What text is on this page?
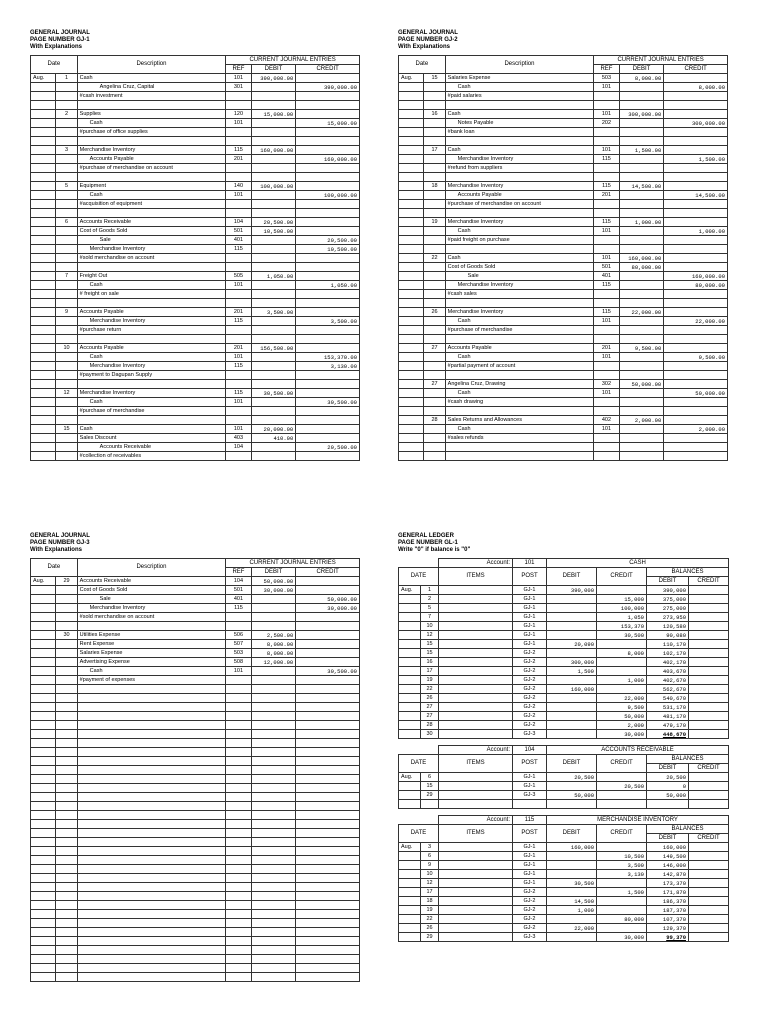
GENERAL JOURNAL
PAGE NUMBER GJ-1
With Explanations
Date		Description	CURRENT JOURNAL ENTRIES		
			REF	DEBIT	CREDIT
Aug.	1	Cash	101	390,000.00	
		Angelina Cruz, Capital	301		390,000.00
		#cash investment			

	2	Supplies	120	15,000.00	
		Cash	101		15,000.00
		#purchase of office supplies			

	3	Merchandise Inventory	115	160,000.00	
		Accounts Payable	201		160,000.00
		#purchase of merchandise on account			

	5	Equipment	140	100,000.00	
		Cash	101		100,000.00
		#acquisition of equipment			

	6	Accounts Receivable	104	20,500.00	
		Cost of Goods Sold	501	10,500.00	
		Sale	401		20,500.00
		Merchandise Inventory	115		10,500.00
		#sold merchandise on account			

	7	Freight Out	505	1,050.00	
		Cash	101		1,050.00
		# freight on sale			

	9	Accounts Payable	201	3,500.00	
		Merchandise Inventory	115		3,500.00
		#purchase return			

	10	Accounts Payable	201	156,500.00	
		Cash	101		153,370.00
		Merchandise Inventory	115		3,130.00
		#payment to Dagupan Supply			

	12	Merchandise Inventory	115	30,500.00	
		Cash	101		30,500.00
		#purchase of merchandise			

	15	Cash	101	20,090.00	
		Sales Discount	403	410.00	
		Accounts Receivable	104		20,500.00
		#collection of receivables			
GENERAL JOURNAL
PAGE NUMBER GJ-2
With Explanations
Date		Description	CURRENT JOURNAL ENTRIES		
			REF	DEBIT	CREDIT
Aug.	15	Salaries Expense	503	8,000.00	
		Cash	101		8,000.00
		#paid salaries			

	16	Cash	101	300,000.00	
		Notes Payable	202		300,000.00
		#bank loan			

	17	Cash	101	1,500.00	
		Merchandise Inventory	115		1,500.00
		#refund from suppliers			

	18	Merchandise Inventory	115	14,500.00	
		Accounts Payable	201		14,500.00
		#purchase of merchandise on account			

	19	Merchandise Inventory	115	1,000.00	
		Cash	101		1,000.00
		#paid freight on purchase			

	22	Cash	101	160,000.00	
		Cost of Goods Sold	501	80,000.00	
		Sale	401		160,000.00
		Merchandise Inventory	115		80,000.00
		#cash sales			

	26	Merchandise Inventory	115	22,000.00	
		Cash	101		22,000.00
		#purchase of merchandise			

	27	Accounts Payable	201	9,500.00	
		Cash	101		9,500.00
		#partial payment of account			

	27	Angelina Cruz, Drawing	302	50,000.00	
		Cash	101		50,000.00
		#cash drawing			

	28	Sales Returns and Allowances	402	2,000.00	
		Cash	101		2,000.00
		#sales refunds			

GENERAL JOURNAL
PAGE NUMBER GJ-3
With Explanations
Date		Description	CURRENT JOURNAL ENTRIES		
			REF	DEBIT	CREDIT
Aug.	29	Accounts Receivable	104	50,000.00	
		Cost of Goods Sold	501	30,000.00	
		Sale	401		50,000.00
		Merchandise Inventory	115		30,000.00
		#sold merchandise on account			

	30	Utilities Expense	506	2,500.00	
		Rent Expense	507	8,000.00	
		Salaries Expense	503	8,000.00	
		Advertising Expense	508	12,000.00	
		Cash	101		30,500.00
		#payment of expenses			

GENERAL LEDGER
PAGE NUMBER GL-1
Write "0" if balance is "0"
		Account:	101	CASH			
DATE		ITEMS	POST	DEBIT	CREDIT	BALANCES	
						DEBIT	CREDIT
Aug.	1		GJ-1	390,000		390,000	
	2		GJ-1		15,000	375,000	
	5		GJ-1		100,000	275,000	
	7		GJ-1		1,050	273,950	
	10		GJ-1		153,370	120,580	
	12		GJ-1		30,500	90,080	
	15		GJ-1	20,090		110,170	
	15		GJ-2		8,000	102,170	
	16		GJ-2	300,000		402,170	
	17		GJ-2	1,500		403,670	
	19		GJ-2		1,000	402,670	
	22		GJ-2	160,000		562,670	
	26		GJ-2		22,000	540,670	
	27		GJ-2		9,500	531,170	
	27		GJ-2		50,000	481,170	
	28		GJ-2		2,000	479,170	
	30		GJ-3		30,000	448,670	
		Account:	104	ACCOUNTS RECEIVABLE			
DATE		ITEMS	POST	DEBIT	CREDIT	BALANCES	
						DEBIT	CREDIT
Aug.	6		GJ-1	20,500		20,500	
	15		GJ-1		20,500	0	
	29		GJ-3	50,000		50,000	

		Account:	115	MERCHANDISE INVENTORY			
DATE		ITEMS	POST	DEBIT	CREDIT	BALANCES	
						DEBIT	CREDIT
Aug.	3		GJ-1	160,000		160,000	
	6		GJ-1		10,500	149,500	
	9		GJ-1		3,500	146,000	
	10		GJ-1		3,130	142,870	
	12		GJ-1	30,500		173,370	
	17		GJ-2		1,500	171,870	
	18		GJ-2	14,500		186,370	
	19		GJ-2	1,000		187,370	
	22		GJ-2		80,000	107,370	
	26		GJ-2	22,000		129,370	
	29		GJ-3		30,000	99,370	
